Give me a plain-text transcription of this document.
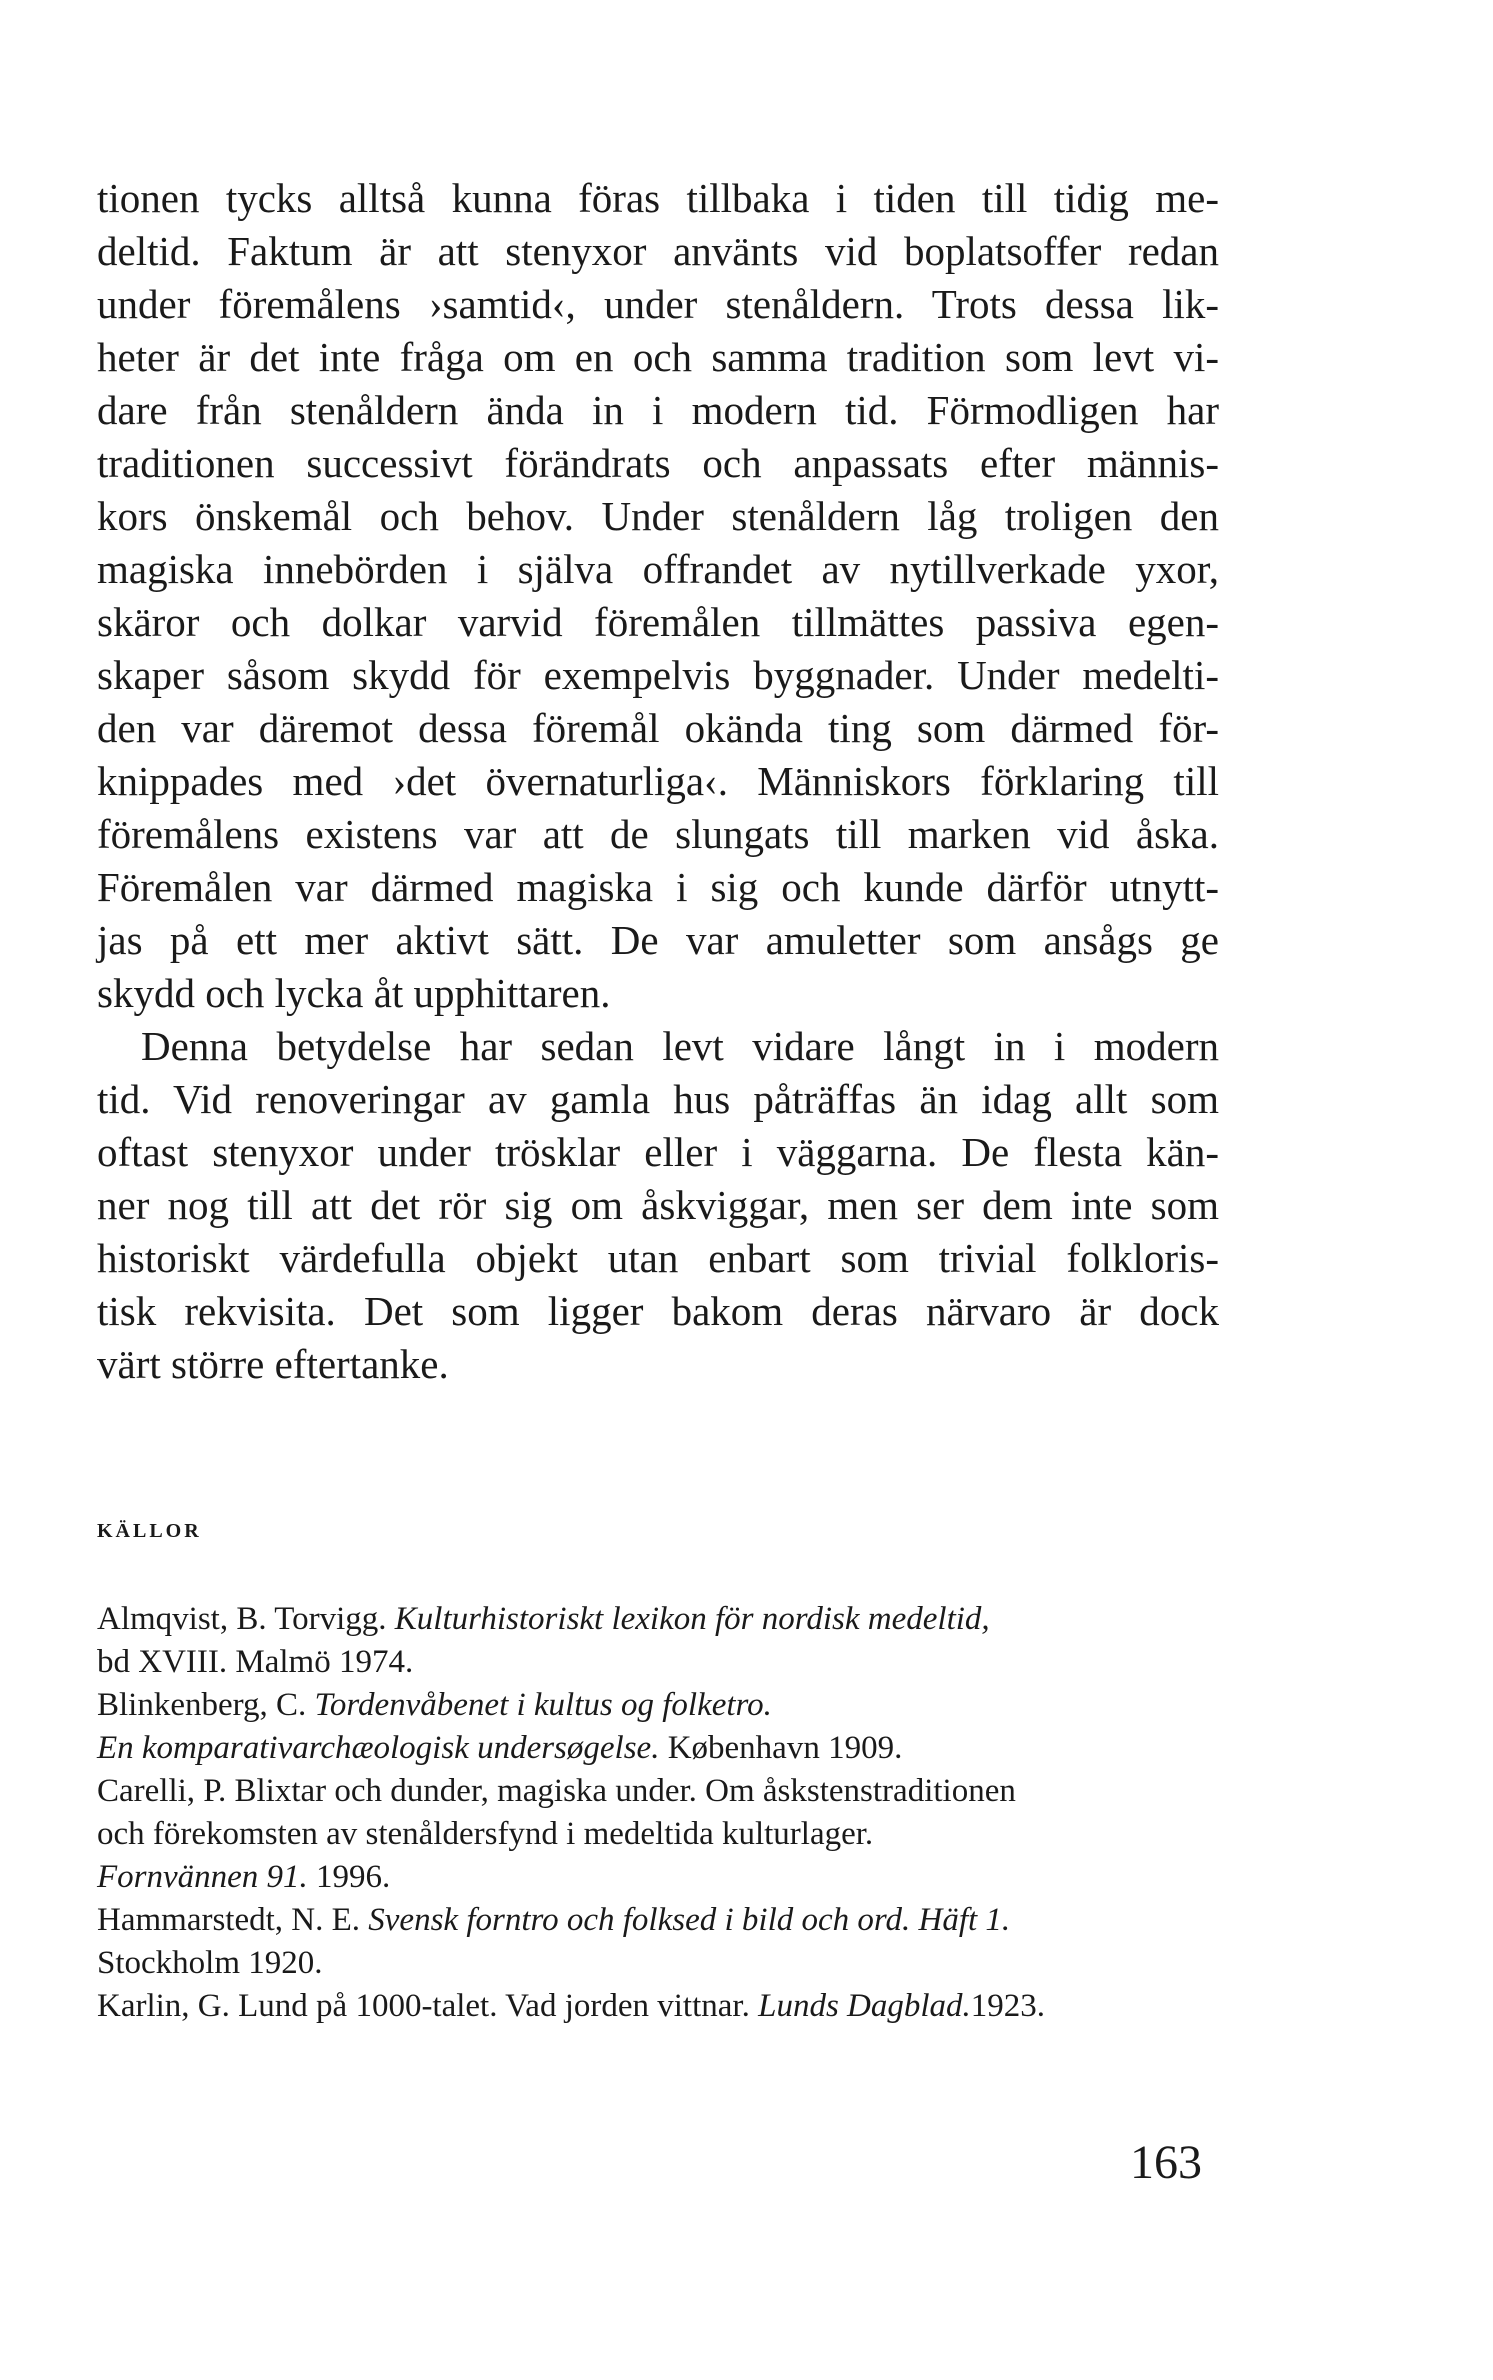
tionen tycks alltså kunna föras tillbaka i tiden till tidig me-
deltid. Faktum är att stenyxor använts vid boplatsoffer redan
under föremålens ›samtid‹, under stenåldern. Trots dessa lik-
heter är det inte fråga om en och samma tradition som levt vi-
dare från stenåldern ända in i modern tid. Förmodligen har
traditionen successivt förändrats och anpassats efter männis-
kors önskemål och behov. Under stenåldern låg troligen den
magiska innebörden i själva offrandet av nytillverkade yxor,
skäror och dolkar varvid föremålen tillmättes passiva egen-
skaper såsom skydd för exempelvis byggnader. Under medelti-
den var däremot dessa föremål okända ting som därmed för-
knippades med ›det övernaturliga‹. Människors förklaring till
föremålens existens var att de slungats till marken vid åska.
Föremålen var därmed magiska i sig och kunde därför utnytt-
jas på ett mer aktivt sätt. De var amuletter som ansågs ge
skydd och lycka åt upphittaren.

Denna betydelse har sedan levt vidare långt in i modern
tid. Vid renoveringar av gamla hus påträffas än idag allt som
oftast stenyxor under trösklar eller i väggarna. De flesta kän-
ner nog till att det rör sig om åskviggar, men ser dem inte som
historiskt värdefulla objekt utan enbart som trivial folkloris-
tisk rekvisita. Det som ligger bakom deras närvaro är dock
värt större eftertanke.

KÄLLOR
Almqvist, B. Torvigg. Kulturhistoriskt lexikon för nordisk medeltid,
bd XVIII. Malmö 1974.
Blinkenberg, C. Tordenvåbenet i kultus og folketro.
En komparativarchæologisk undersøgelse. København 1909.
Carelli, P. Blixtar och dunder, magiska under. Om åskstenstraditionen
och förekomsten av stenåldersfynd i medeltida kulturlager.
Fornvännen 91. 1996.
Hammarstedt, N. E. Svensk forntro och folksed i bild och ord. Häft 1.
Stockholm 1920.
Karlin, G. Lund på 1000-talet. Vad jorden vittnar. Lunds Dagblad.1923.
163
